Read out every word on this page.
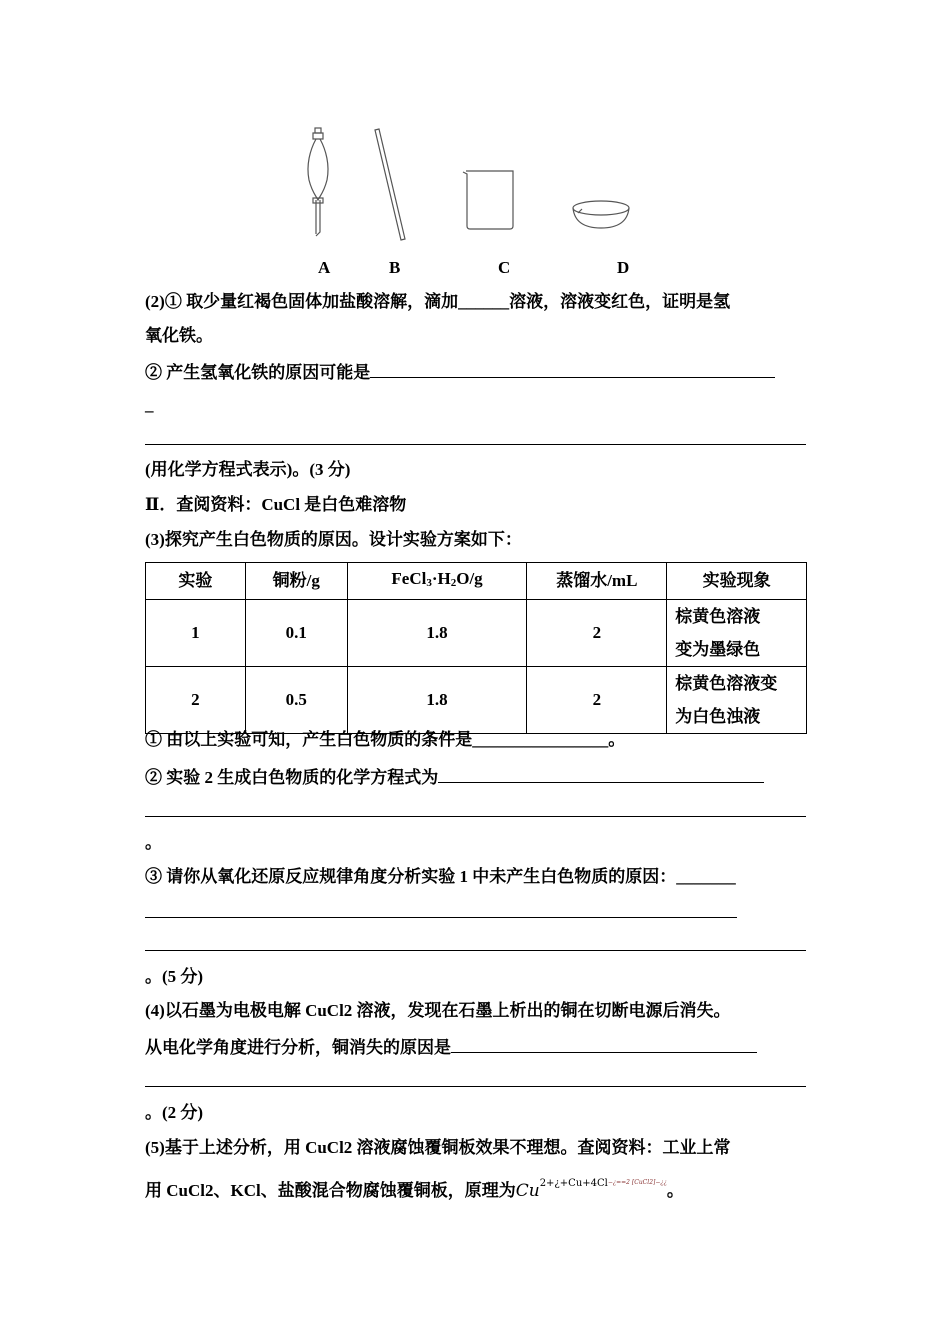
A	B	C	D
(2)① 取少量红褐色固体加盐酸溶解，滴加______溶液，溶液变红色，证明是氢
氧化铁。
② 产生氢氧化铁的原因可能是
_
(用化学方程式表示)。(3 分)
Ⅱ．查阅资料：CuCl 是白色难溶物
(3)探究产生白色物质的原因。设计实验方案如下：
实验	铜粉/g	$FeCl_3\cdot H_2O/g$	蒸馏水/mL	实验现象
1	0.1	1.8	2	棕黄色溶液
变为墨绿色
2	0.5	1.8	2	棕黄色溶液变
为白色浊液
① 由以上实验可知，产生白色物质的条件是________________。
② 实验 2 生成白色物质的化学方程式为
。
③ 请你从氧化还原反应规律角度分析实验 1 中未产生白色物质的原因：_______
。(5 分)
(4)以石墨为电极电解 CuCl2 溶液，发现在石墨上析出的铜在切断电源后消失。
从电化学角度进行分析，铜消失的原因是
。(2 分)
(5)基于上述分析，用 CuCl2 溶液腐蚀覆铜板效果不理想。查阅资料：工业上常
用 CuCl2、KCl、盐酸混合物腐蚀覆铜板，原理为$Cu^{2+¿+Cu+4Cl-¿==2 [CuCl2]-¿¿}$。
